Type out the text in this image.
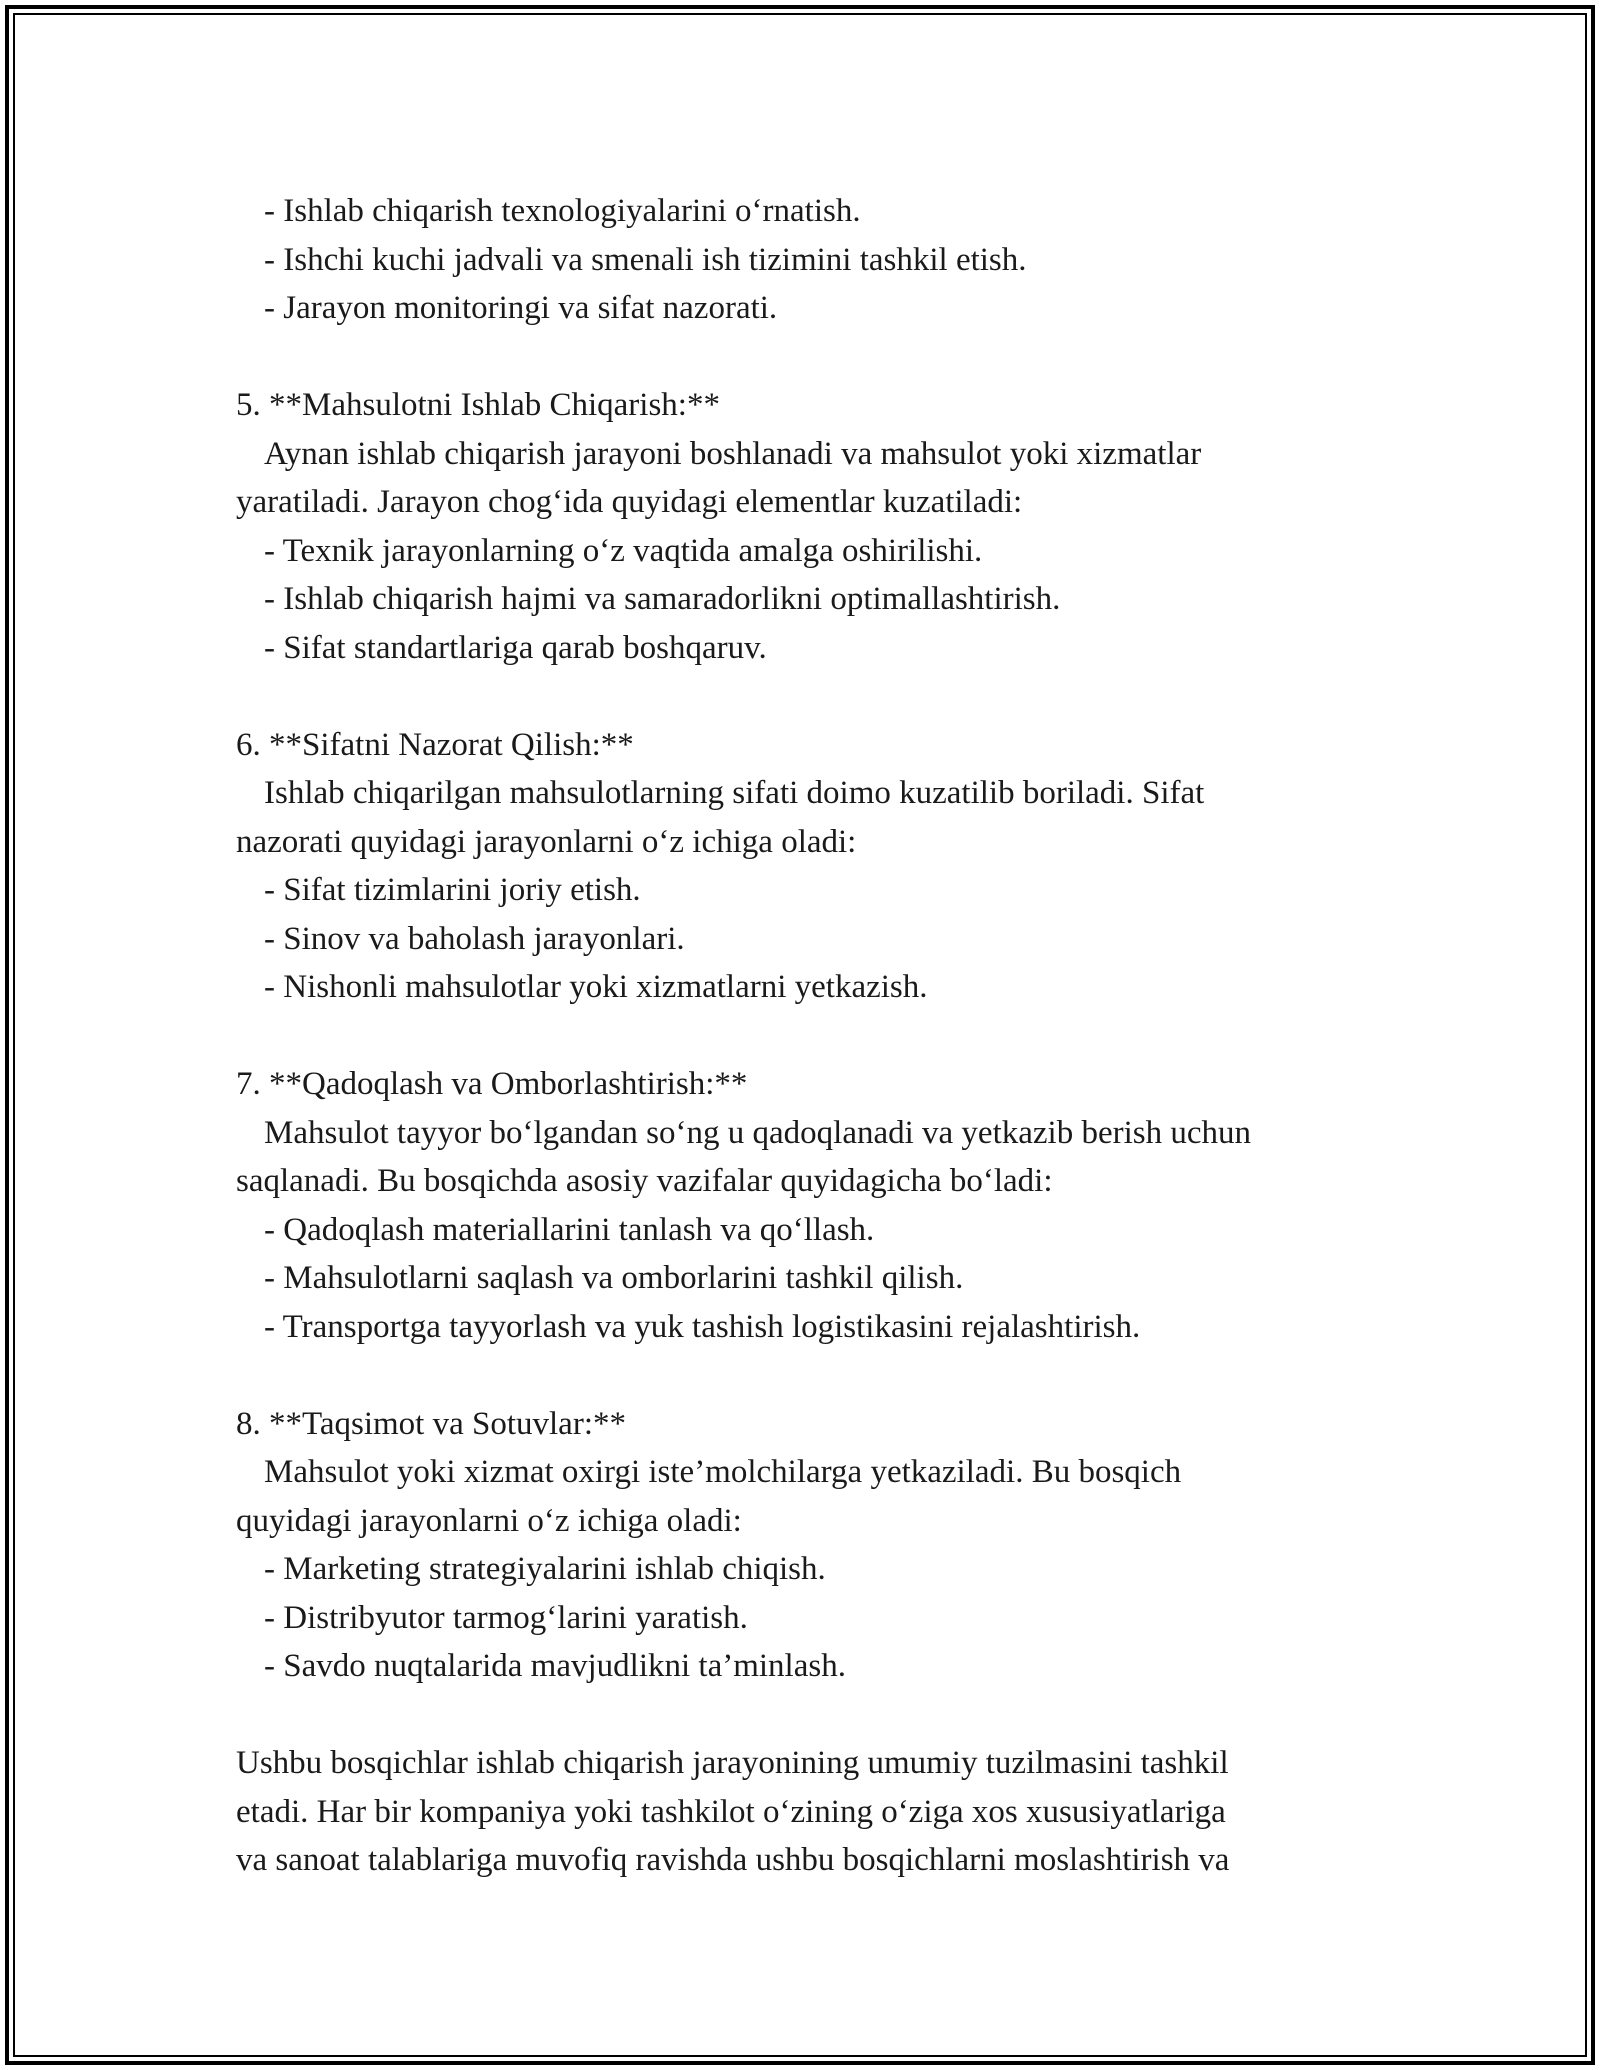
- Ishlab chiqarish texnologiyalarini o‘rnatish.
- Ishchi kuchi jadvali va smenali ish tizimini tashkil etish.
- Jarayon monitoringi va sifat nazorati.
5. **Mahsulotni Ishlab Chiqarish:**
Aynan ishlab chiqarish jarayoni boshlanadi va mahsulot yoki xizmatlar
yaratiladi. Jarayon chog‘ida quyidagi elementlar kuzatiladi:
- Texnik jarayonlarning o‘z vaqtida amalga oshirilishi.
- Ishlab chiqarish hajmi va samaradorlikni optimallashtirish.
- Sifat standartlariga qarab boshqaruv.
6. **Sifatni Nazorat Qilish:**
Ishlab chiqarilgan mahsulotlarning sifati doimo kuzatilib boriladi. Sifat
nazorati quyidagi jarayonlarni o‘z ichiga oladi:
- Sifat tizimlarini joriy etish.
- Sinov va baholash jarayonlari.
- Nishonli mahsulotlar yoki xizmatlarni yetkazish.
7. **Qadoqlash va Omborlashtirish:**
Mahsulot tayyor bo‘lgandan so‘ng u qadoqlanadi va yetkazib berish uchun
saqlanadi. Bu bosqichda asosiy vazifalar quyidagicha bo‘ladi:
- Qadoqlash materiallarini tanlash va qo‘llash.
- Mahsulotlarni saqlash va omborlarini tashkil qilish.
- Transportga tayyorlash va yuk tashish logistikasini rejalashtirish.
8. **Taqsimot va Sotuvlar:**
Mahsulot yoki xizmat oxirgi iste’molchilarga yetkaziladi. Bu bosqich
quyidagi jarayonlarni o‘z ichiga oladi:
- Marketing strategiyalarini ishlab chiqish.
- Distribyutor tarmog‘larini yaratish.
- Savdo nuqtalarida mavjudlikni ta’minlash.
Ushbu bosqichlar ishlab chiqarish jarayonining umumiy tuzilmasini tashkil
etadi. Har bir kompaniya yoki tashkilot o‘zining o‘ziga xos xususiyatlariga
va sanoat talablariga muvofiq ravishda ushbu bosqichlarni moslashtirish va
